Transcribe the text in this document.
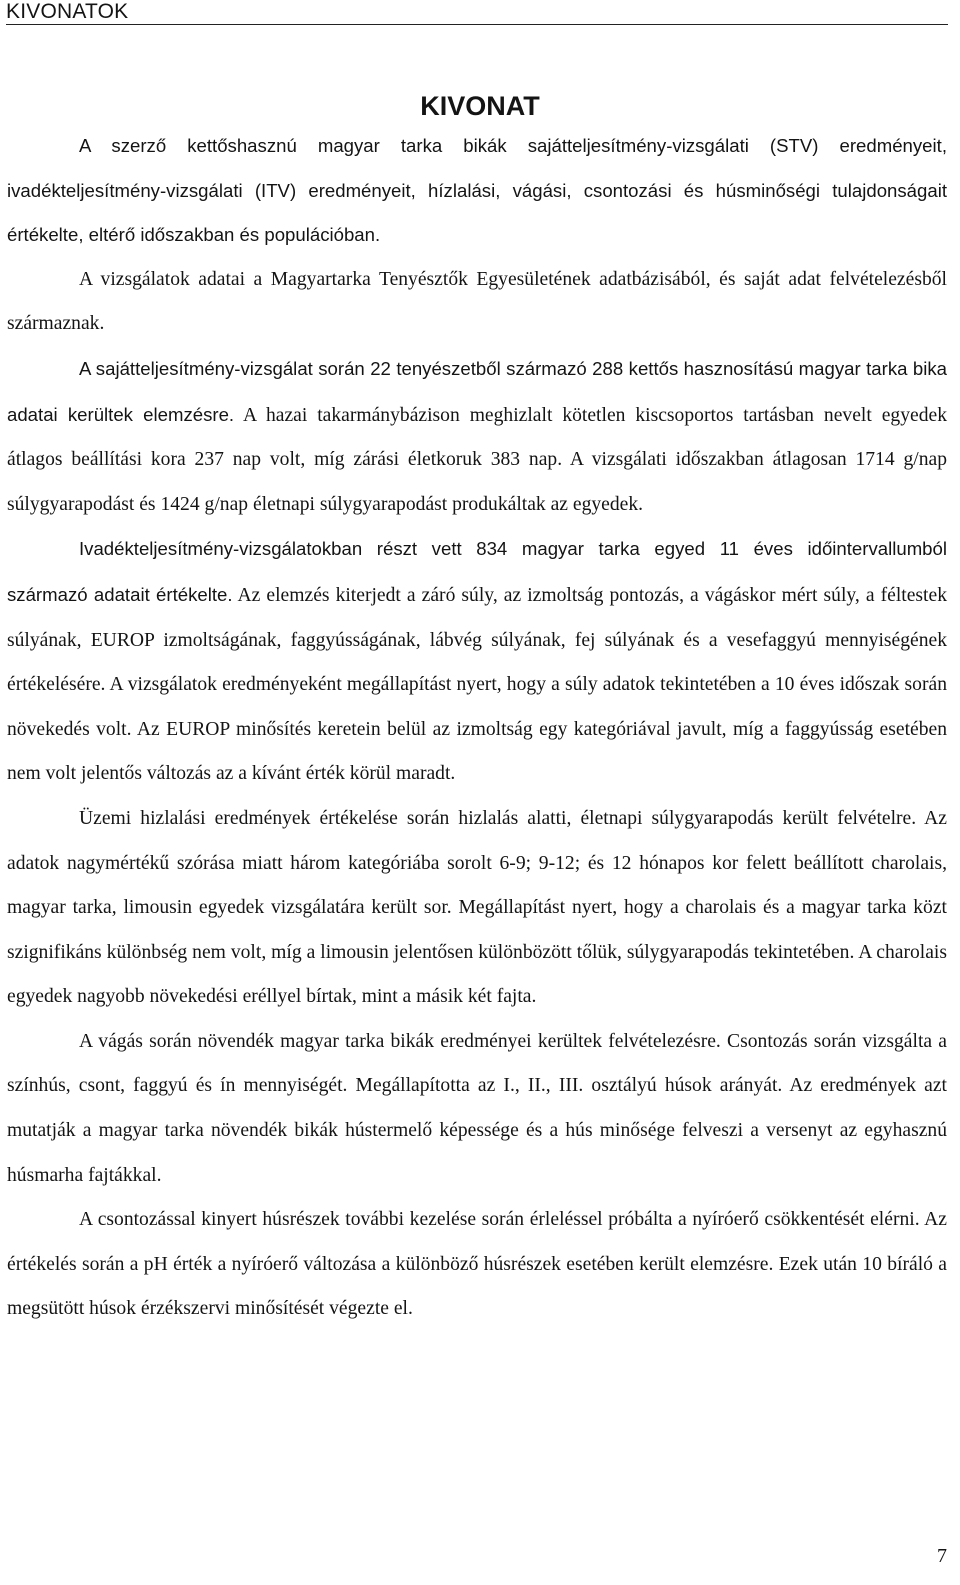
KIVONATOK
KIVONAT

A szerző kettőshasznú magyar tarka bikák sajátteljesítmény-vizsgálati (STV) eredményeit, ivadékteljesítmény-vizsgálati (ITV) eredményeit, hízlalási, vágási, csontozási és húsminőségi tulajdonságait értékelte, eltérő időszakban és populációban.

A vizsgálatok adatai a Magyartarka Tenyésztők Egyesületének adatbázisából, és saját adat felvételezésből származnak.

A sajátteljesítmény-vizsgálat során 22 tenyészetből származó 288 kettős hasznosítású magyar tarka bika adatai kerültek elemzésre. A hazai takarmánybázison meghizlalt kötetlen kiscsoportos tartásban nevelt egyedek átlagos beállítási kora 237 nap volt, míg zárási életkoruk 383 nap. A vizsgálati időszakban átlagosan 1714 g/nap súlygyarapodást és 1424 g/nap életnapi súlygyarapodást produkáltak az egyedek.

Ivadékteljesítmény-vizsgálatokban részt vett 834 magyar tarka egyed 11 éves időintervallumból származó adatait értékelte. Az elemzés kiterjedt a záró súly, az izmoltság pontozás, a vágáskor mért súly, a féltestek súlyának, EUROP izmoltságának, faggyússágának, lábvég súlyának, fej súlyának és a vesefaggyú mennyiségének értékelésére. A vizsgálatok eredményeként megállapítást nyert, hogy a súly adatok tekintetében a 10 éves időszak során növekedés volt. Az EUROP minősítés keretein belül az izmoltság egy kategóriával javult, míg a faggyússág esetében nem volt jelentős változás az a kívánt érték körül maradt.

Üzemi hizlalási eredmények értékelése során hizlalás alatti, életnapi súlygyarapodás került felvételre. Az adatok nagymértékű szórása miatt három kategóriába sorolt 6-9; 9-12; és 12 hónapos kor felett beállított charolais, magyar tarka, limousin egyedek vizsgálatára került sor. Megállapítást nyert, hogy a charolais és a magyar tarka közt szignifikáns különbség nem volt, míg a limousin jelentősen különbözött tőlük, súlygyarapodás tekintetében. A charolais egyedek nagyobb növekedési eréllyel bírtak, mint a másik két fajta.

A vágás során növendék magyar tarka bikák eredményei kerültek felvételezésre. Csontozás során vizsgálta a színhús, csont, faggyú és ín mennyiségét. Megállapította az I., II., III. osztályú húsok arányát. Az eredmények azt mutatják a magyar tarka növendék bikák hústermelő képessége és a hús minősége felveszi a versenyt az egyhasznú húsmarha fajtákkal.

A csontozással kinyert húsrészek további kezelése során érleléssel próbálta a nyíróerő csökkentését elérni. Az értékelés során a pH érték a nyíróerő változása a különböző húsrészek esetében került elemzésre. Ezek után 10 bíráló a megsütött húsok érzékszervi minősítését végezte el.

7
